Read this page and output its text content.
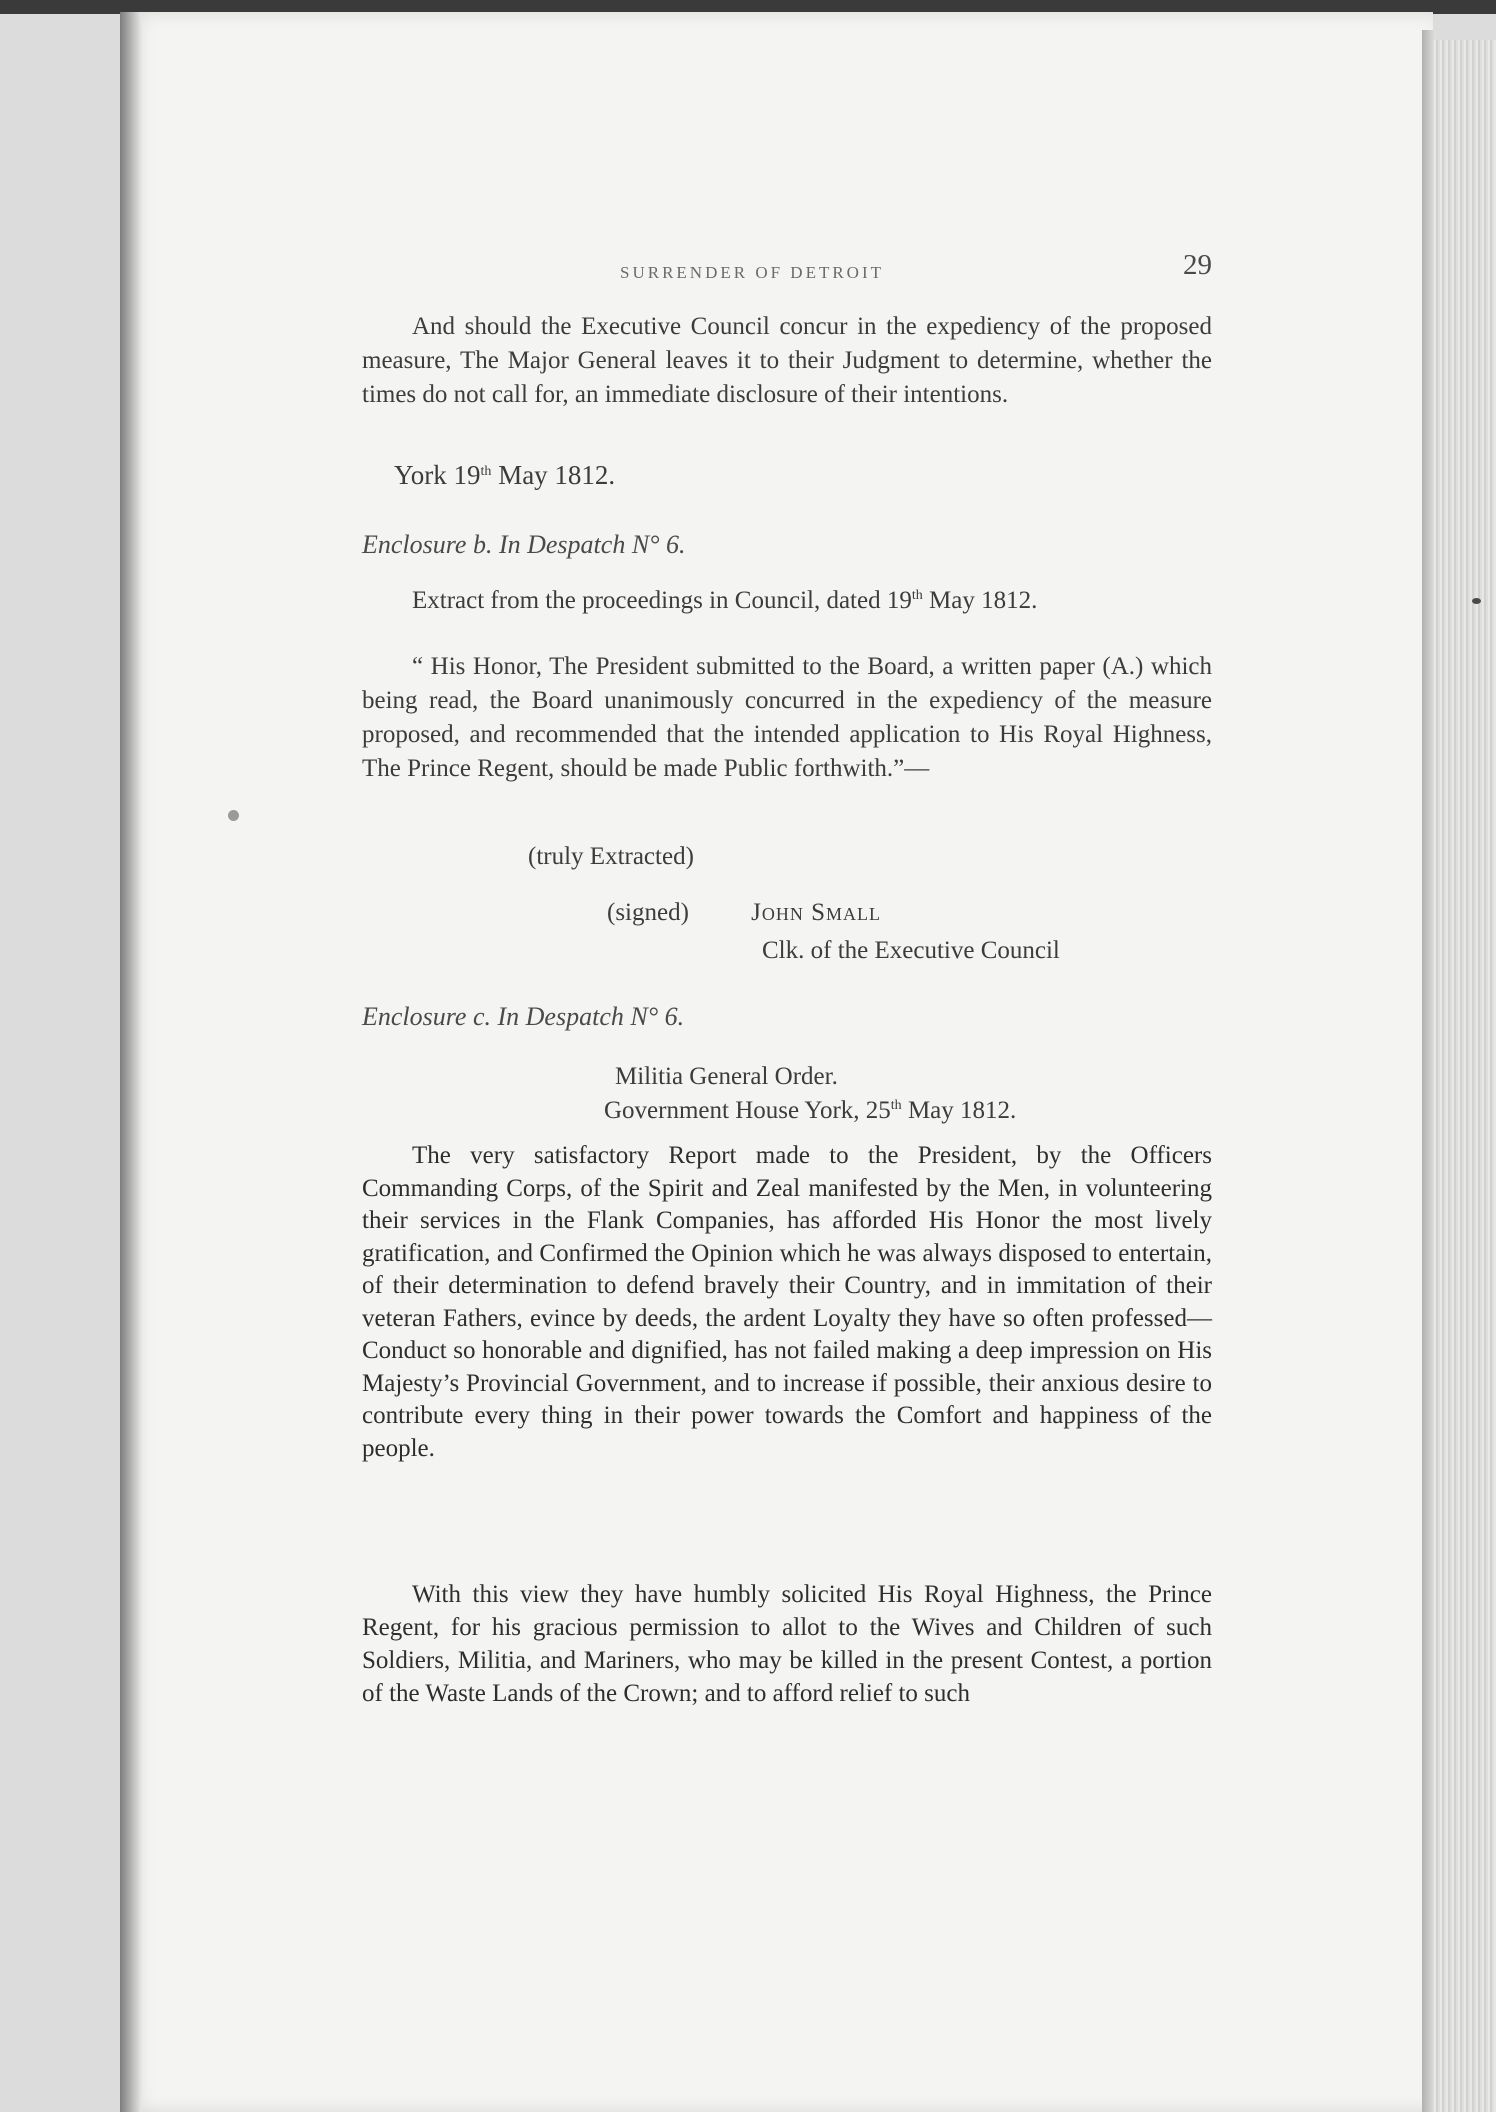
SURRENDER OF DETROIT	29

And should the Executive Council concur in the expediency of the proposed measure, The Major General leaves it to their Judgment to determine, whether the times do not call for, an immediate disclosure of their intentions.

York 19th May 1812.
Enclosure b. In Despatch N° 6.

Extract from the proceedings in Council, dated 19th May 1812.

“ His Honor, The President submitted to the Board, a written paper (A.) which being read, the Board unanimously concurred in the expediency of the measure proposed, and recommended that the intended application to His Royal Highness, The Prince Regent, should be made Public forthwith.”—

(truly Extracted)
(signed) John Small
Clk. of the Executive Council
Enclosure c. In Despatch N° 6.
Militia General Order.
Government House York, 25th May 1812.

The very satisfactory Report made to the President, by the Officers Commanding Corps, of the Spirit and Zeal manifested by the Men, in volunteering their services in the Flank Companies, has afforded His Honor the most lively gratification, and Confirmed the Opinion which he was always disposed to entertain, of their determination to defend bravely their Country, and in immitation of their veteran Fathers, evince by deeds, the ardent Loyalty they have so often professed—Conduct so honorable and dignified, has not failed making a deep impression on His Majesty’s Provincial Government, and to increase if possible, their anxious desire to contribute every thing in their power towards the Comfort and happiness of the people.

With this view they have humbly solicited His Royal Highness, the Prince Regent, for his gracious permission to allot to the Wives and Children of such Soldiers, Militia, and Mariners, who may be killed in the present Contest, a portion of the Waste Lands of the Crown; and to afford relief to such
